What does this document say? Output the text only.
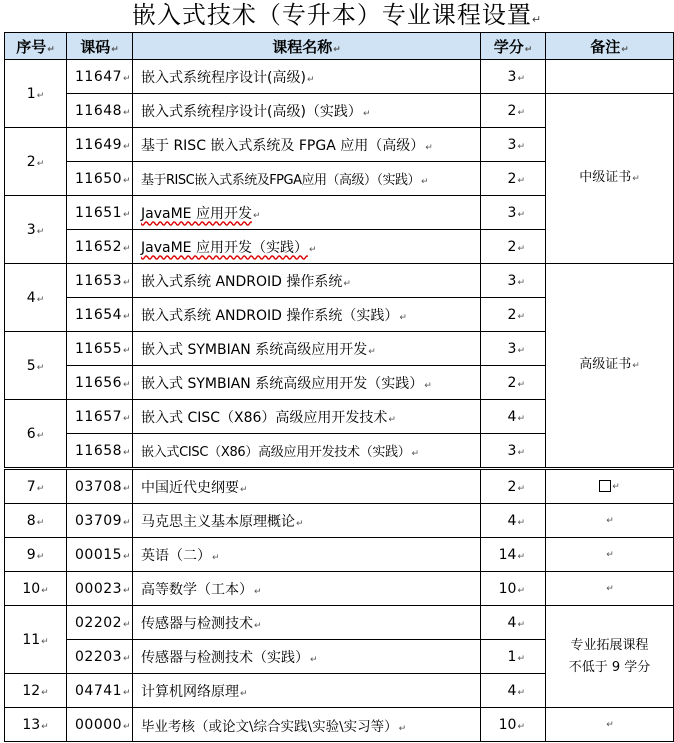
嵌入式技术（专升本）专业课程设置↵
序号↵	课码↵	课程名称↵	学分↵	备注↵
1↵	11647↵	嵌入式系统程序设计(高级)↵	3↵	
	11648↵	嵌入式系统程序设计(高级)（实践）↵	2↵	中级证书↵
2↵	11649↵	基于 RISC 嵌入式系统及 FPGA 应用（高级）↵	3↵	
	11650↵	基于RISC嵌入式系统及FPGA应用（高级）（实践）↵	2↵	
3↵	11651↵	JavaME 应用开发↵	3↵	
	11652↵	JavaME 应用开发（实践）↵	2↵	
4↵	11653↵	嵌入式系统 ANDROID 操作系统↵	3↵	高级证书↵
	11654↵	嵌入式系统 ANDROID 操作系统（实践）↵	2↵	
5↵	11655↵	嵌入式 SYMBIAN 系统高级应用开发↵	3↵	
	11656↵	嵌入式 SYMBIAN 系统高级应用开发（实践）↵	2↵	
6↵	11657↵	嵌入式 CISC（X86）高级应用开发技术↵	4↵	
	11658↵	嵌入式CISC（X86）高级应用开发技术（实践）↵	3↵	
7↵	03708↵	中国近代史纲要↵	2↵	↵
8↵	03709↵	马克思主义基本原理概论↵	4↵	↵
9↵	00015↵	英语（二）↵	14↵	↵
10↵	00023↵	高等数学（工本）↵	10↵	↵
11↵	02202↵	传感器与检测技术↵	4↵	专业拓展课程
不低于 9 学分

	02203↵	传感器与检测技术（实践）↵	1↵	
12↵	04741↵	计算机网络原理↵	4↵	
13↵	00000↵	毕业考核（或论文\综合实践\实验\实习等）↵	10↵	↵
